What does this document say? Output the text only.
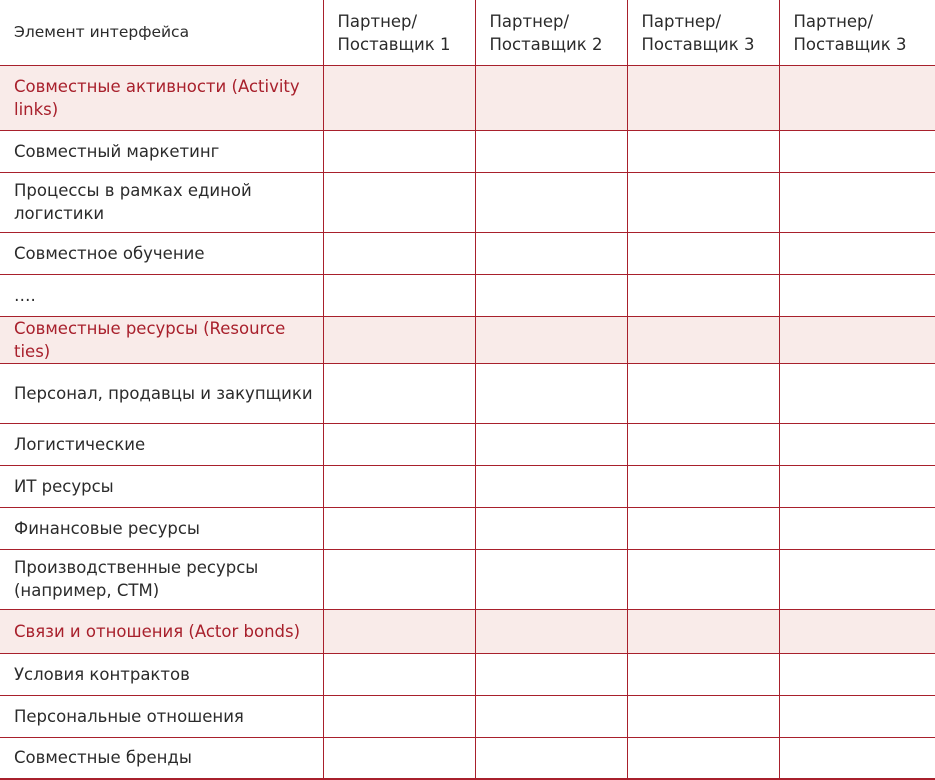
Элемент интерфейса	Партнер/ Поставщик 1	Партнер/ Поставщик 2	Партнер/ Поставщик 3	Партнер/ Поставщик 3
Совместные активности (Activity links)				
Совместный маркетинг				
Процессы в рамках единой логистики				
Совместное обучение				
….				
Совместные ресурсы (Resource ties)				
Персонал, продавцы и закупщики				
Логистические				
ИТ ресурсы				
Финансовые ресурсы				
Производственные ресурсы (например, СТМ)				
Связи и отношения (Actor bonds)				
Условия контрактов				
Персональные отношения				
Совместные бренды				
